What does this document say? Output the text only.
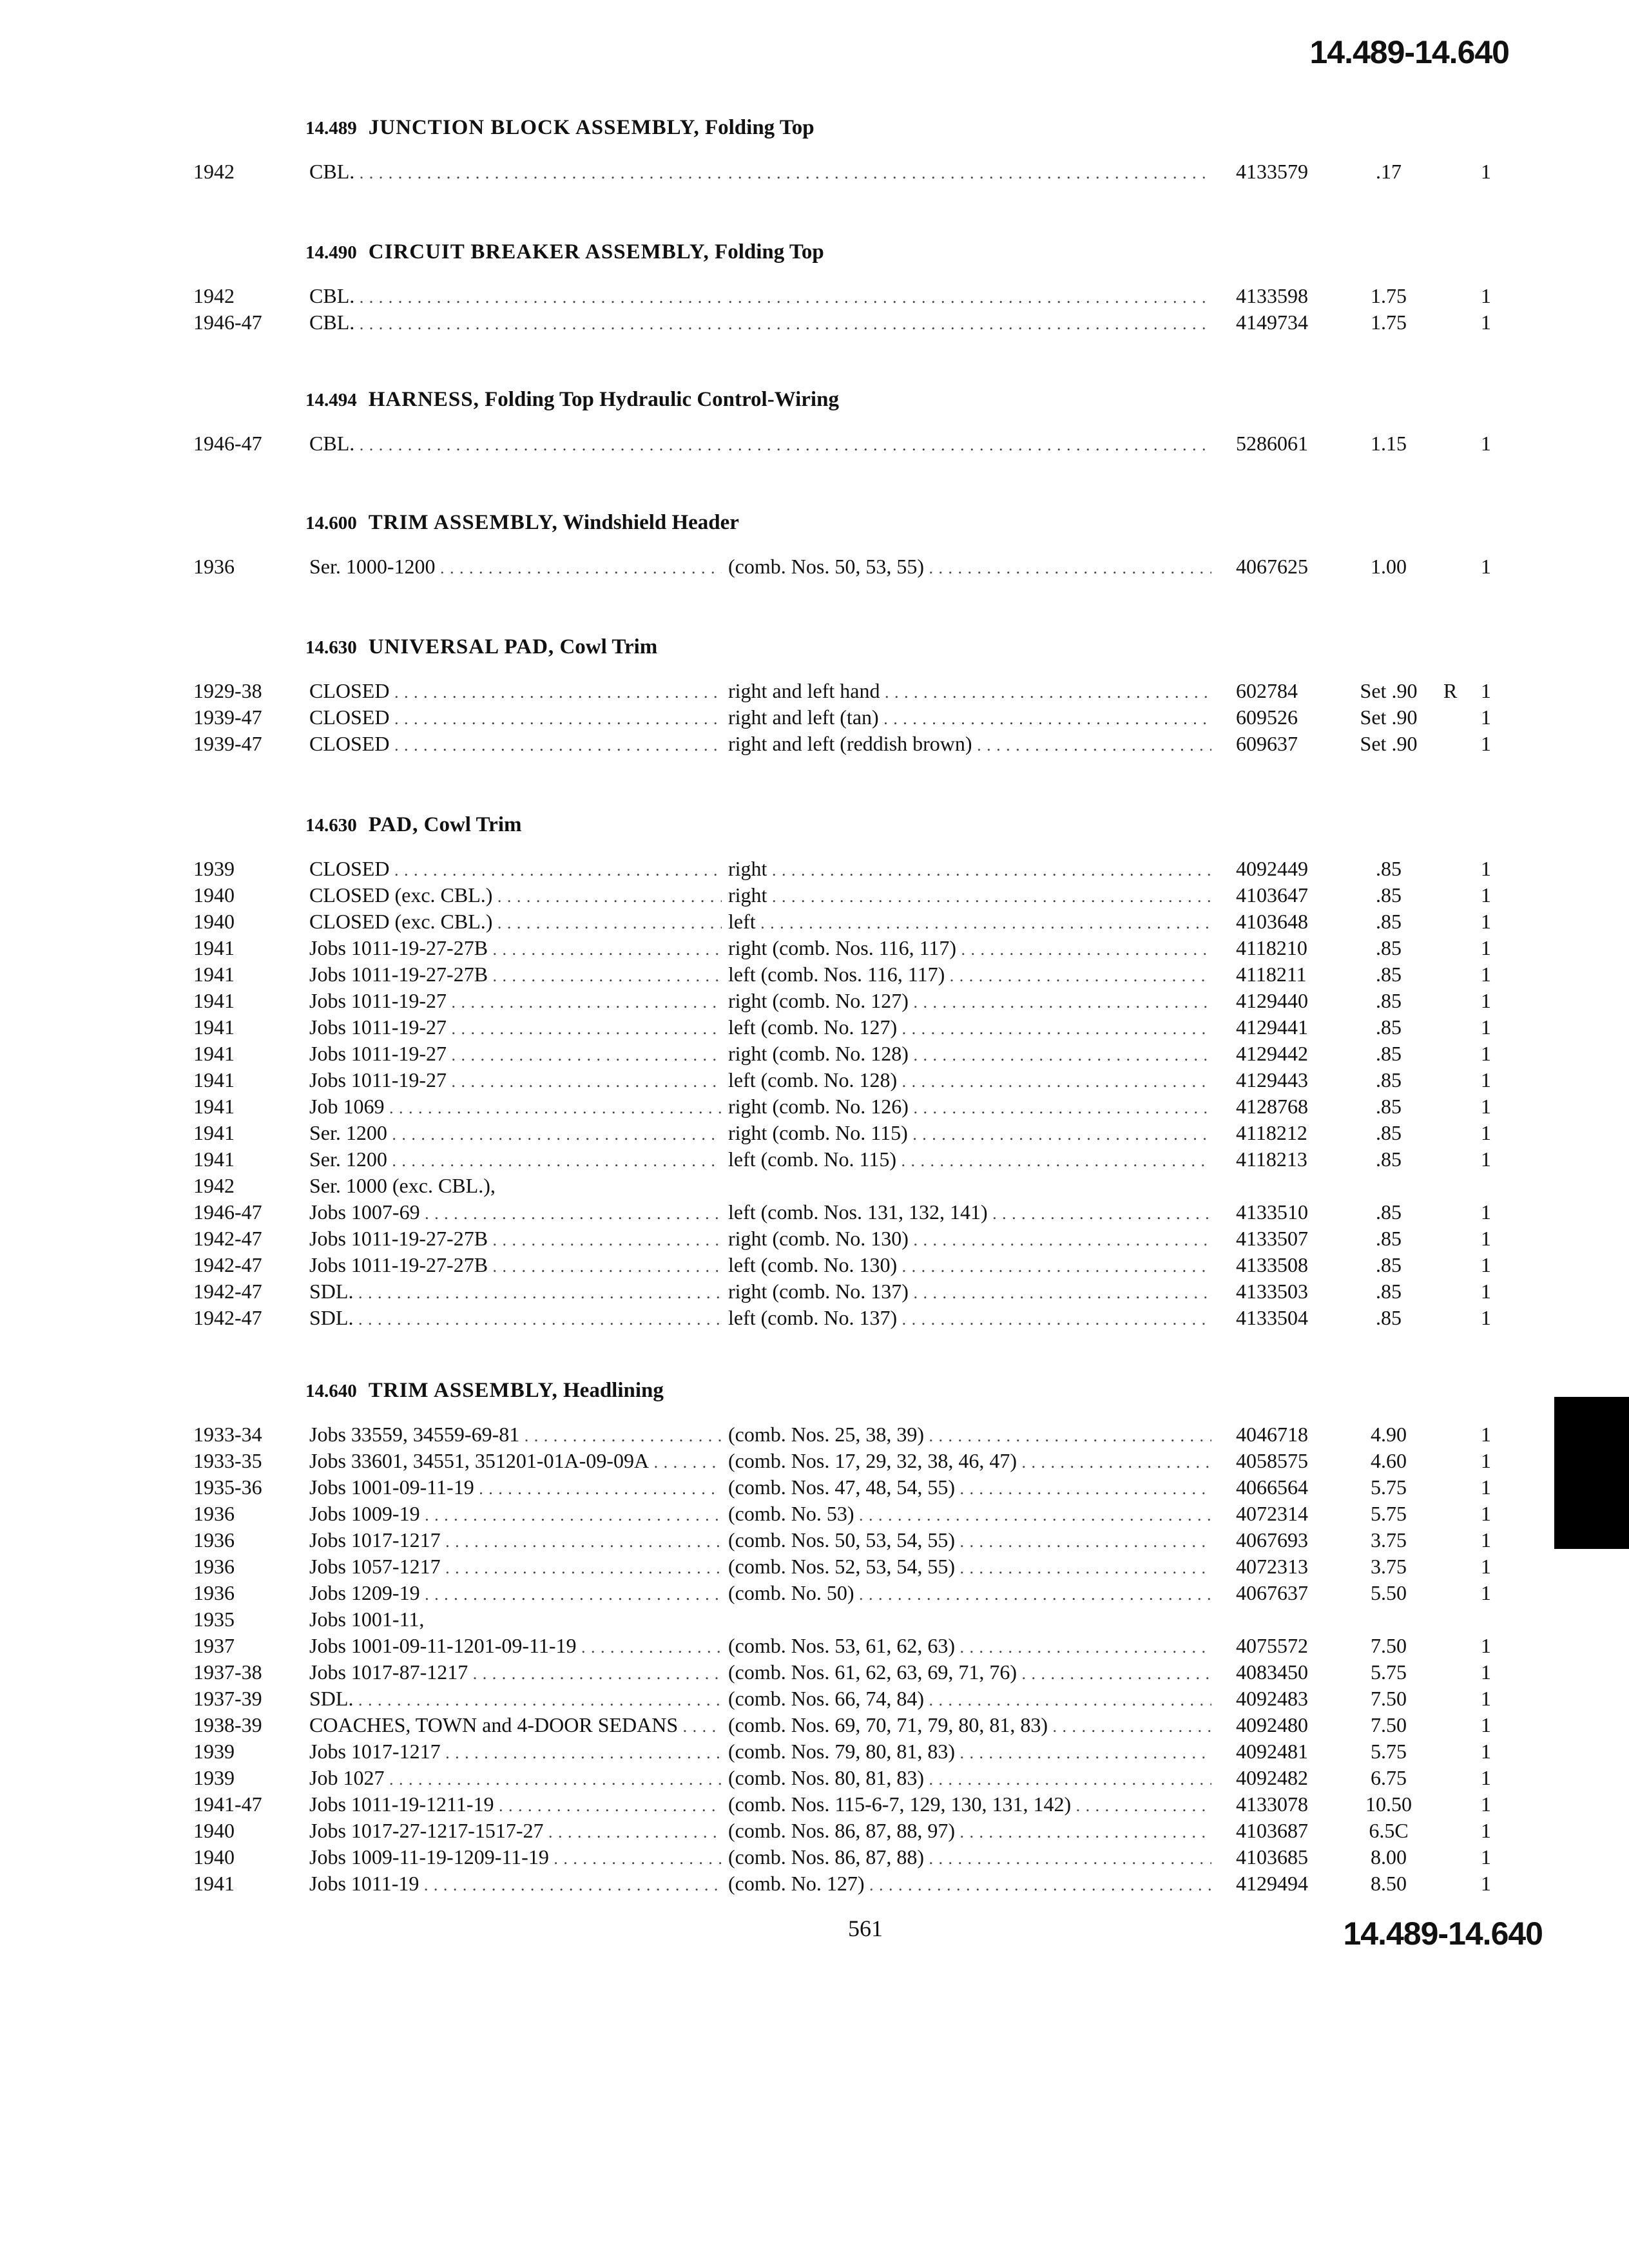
14.489-14.640
14.489 JUNCTION BLOCK ASSEMBLY, Folding Top
1942	CBL. . . . . . .	4133579	.17	1
14.490 CIRCUIT BREAKER ASSEMBLY, Folding Top
1942	CBL. . . . . . .	4133598	1.75	1
1946-47 CBL. . . . . . .	4149734	1.75	1
14.494 HARNESS, Folding Top Hydraulic Control-Wiring
1946-47 CBL. . . . . . .	5286061	1.15	1
14.600 TRIM ASSEMBLY, Windshield Header
1936	Ser. 1000-1200 . . .	(comb. Nos. 50, 53, 55) . . .	4067625	1.00	1
14.630 UNIVERSAL PAD, Cowl Trim
1929-38 CLOSED . . .	right and left hand . . .	602784	Set .90	R 1
1939-47 CLOSED . . .	right and left (tan) . . .	609526	Set .90	1
1939-47 CLOSED . . .	right and left (reddish brown) . . .	609637	Set .90	1
14.630 PAD, Cowl Trim
1939	CLOSED . . .	right . . .	4092449	.85	1
1940	CLOSED (exc. CBL.) . . .	right . . .	4103647	.85	1
1940	CLOSED (exc. CBL.) . . .	left . . .	4103648	.85	1
1941	Jobs 1011-19-27-27B . . .	right (comb. Nos. 116, 117) . . .	4118210	.85	1
1941	Jobs 1011-19-27-27B . . .	left (comb. Nos. 116, 117) . . .	4118211	.85	1
1941	Jobs 1011-19-27 . . .	right (comb. No. 127) . . .	4129440	.85	1
1941	Jobs 1011-19-27 . . .	left (comb. No. 127) . . .	4129441	.85	1
1941	Jobs 1011-19-27 . . .	right (comb. No. 128) . . .	4129442	.85	1
1941	Jobs 1011-19-27 . . .	left (comb. No. 128) . . .	4129443	.85	1
1941	Job 1069 . . .	right (comb. No. 126) . . .	4128768	.85	1
1941	Ser. 1200 . . .	right (comb. No. 115) . . .	4118212	.85	1
1941	Ser. 1200 . . .	left (comb. No. 115) . . .	4118213	.85	1
1942	Ser. 1000 (exc. CBL.),
1946-47 Jobs 1007-69 . . .	left (comb. Nos. 131, 132, 141) . . .	4133510	.85	1
1942-47 Jobs 1011-19-27-27B . . .	right (comb. No. 130) . . .	4133507	.85	1
1942-47 Jobs 1011-19-27-27B . . .	left (comb. No. 130) . . .	4133508	.85	1
1942-47 SDL. . . .	right (comb. No. 137) . . .	4133503	.85	1
1942-47 SDL. . . .	left (comb. No. 137) . . .	4133504	.85	1
14.640 TRIM ASSEMBLY, Headlining
1933-34 Jobs 33559, 34559-69-81 . . .	(comb. Nos. 25, 38, 39) . . .	4046718	4.90	1
1933-35 Jobs 33601, 34551, 351201-01A-09-09A . . .	(comb. Nos. 17, 29, 32, 38, 46, 47) . . .	4058575	4.60	1
1935-36 Jobs 1001-09-11-19 . . .	(comb. Nos. 47, 48, 54, 55) . . .	4066564	5.75	1
1936	Jobs 1009-19 . . .	(comb. No. 53) . . .	4072314	5.75	1
1936	Jobs 1017-1217 . . .	(comb. Nos. 50, 53, 54, 55) . . .	4067693	3.75	1
1936	Jobs 1057-1217 . . .	(comb. Nos. 52, 53, 54, 55) . . .	4072313	3.75	1
1936	Jobs 1209-19 . . .	(comb. No. 50) . . .	4067637	5.50	1
1935	Jobs 1001-11,
1937	Jobs 1001-09-11-1201-09-11-19 . . .	(comb. Nos. 53, 61, 62, 63) . . .	4075572	7.50	1
1937-38 Jobs 1017-87-1217 . . .	(comb. Nos. 61, 62, 63, 69, 71, 76) . . .	4083450	5.75	1
1937-39 SDL. . . .	(comb. Nos. 66, 74, 84) . . .	4092483	7.50	1
1938-39 COACHES, TOWN and 4-DOOR SEDANS . . .	(comb. Nos. 69, 70, 71, 79, 80, 81, 83) . . .	4092480	7.50	1
1939	Jobs 1017-1217 . . .	(comb. Nos. 79, 80, 81, 83) . . .	4092481	5.75	1
1939	Job 1027 . . .	(comb. Nos. 80, 81, 83) . . .	4092482	6.75	1
1941-47 Jobs 1011-19-1211-19 . . .	(comb. Nos. 115-6-7, 129, 130, 131, 142) . . .	4133078	10.50	1
1940	Jobs 1017-27-1217-1517-27 . . .	(comb. Nos. 86, 87, 88, 97) . . .	4103687	6.5C	1
1940	Jobs 1009-11-19-1209-11-19 . . .	(comb. Nos. 86, 87, 88) . . .	4103685	8.00	1
1941	Jobs 1011-19 . . .	(comb. No. 127) . . .	4129494	8.50	1
561	14.489-14.640
